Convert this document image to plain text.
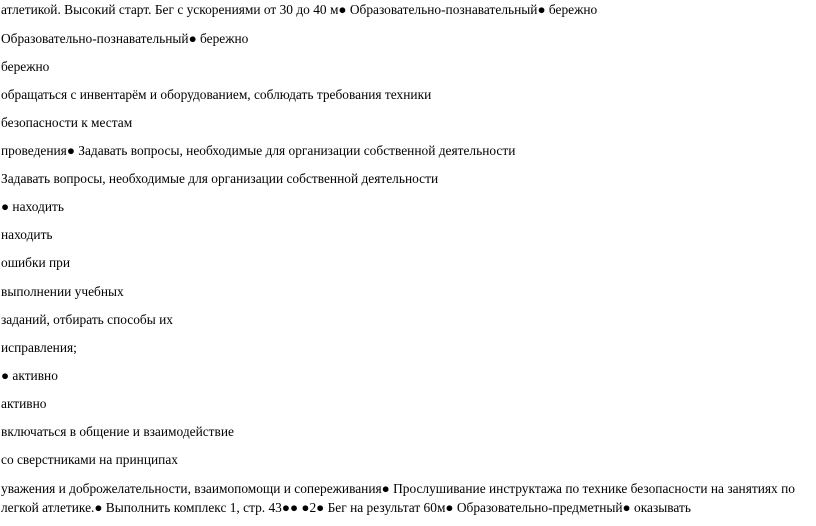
атлетикой. Высокий старт. Бег с ускорениями от 30 до 40 м● Образовательно-познавательный● бережно
Образовательно-познавательный● бережно
бережно
обращаться с инвентарём и оборудованием, соблюдать требования техники
безопасности к местам
проведения● Задавать вопросы, необходимые для организации собственной деятельности
Задавать вопросы, необходимые для организации собственной деятельности
● находить
находить
ошибки при
выполнении учебных
заданий, отбирать способы их
исправления;
● активно
активно
включаться в общение и взаимодействие
со сверстниками на принципах
уважения и доброжелательности, взаимопомощи и сопереживания● Прослушивание инструктажа по технике безопасности на занятиях по
легкой атлетике.● Выполнить комплекс 1, стр. 43●● ●2● Бег на результат 60м● Образовательно-предметный● оказывать
